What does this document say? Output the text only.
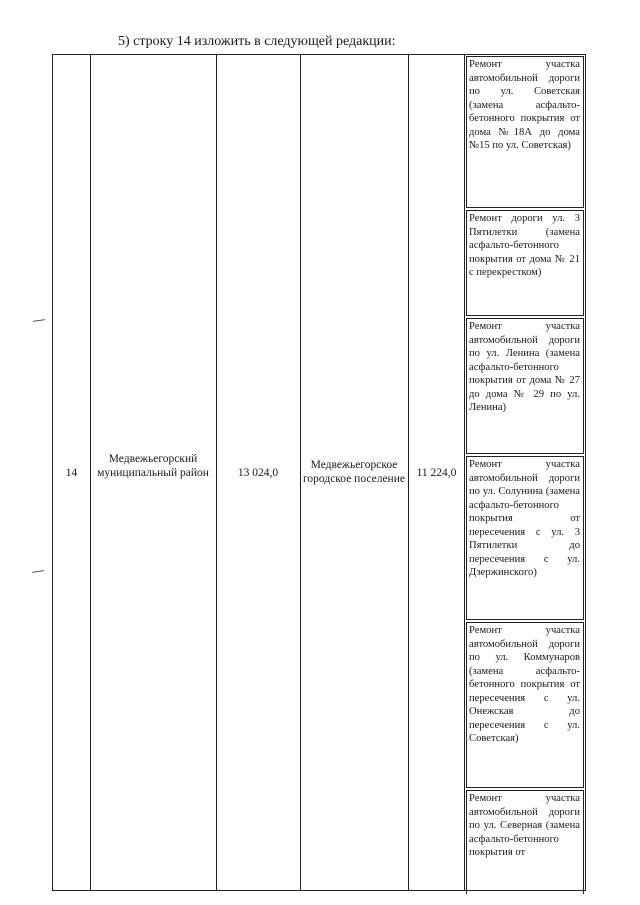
5) строку 14 изложить в следующей редакции:
14
Медвежьегорский муниципальный район	13 024,0
Медвежьегорское городское поселение	11 224,0
Ремонт участка автомобильной дороги по ул. Советская (замена асфальто-бетонного покрытия от дома №18А до дома №15 по ул. Советская)
Ремонт дороги ул. 3 Пятилетки (замена асфальто-бетонного покрытия от дома № 21 с перекрестком)
Ремонт участка автомобильной дороги по ул. Ленина (замена асфальто-бетонного покрытия от дома № 27 до дома № 29 по ул. Ленина)
Ремонт участка автомобильной дороги по ул. Солунина (замена асфальто-бетонного покрытия от пересечения с ул. 3 Пятилетки до пересечения с ул. Дзержинского)
Ремонт участка автомобильной дороги по ул. Коммунаров (замена асфальто-бетонного покрытия от пересечения с ул. Онежская до пересечения с ул. Советская)
Ремонт участка автомобильной дороги по ул. Северная (замена асфальто-бетонного покрытия от
